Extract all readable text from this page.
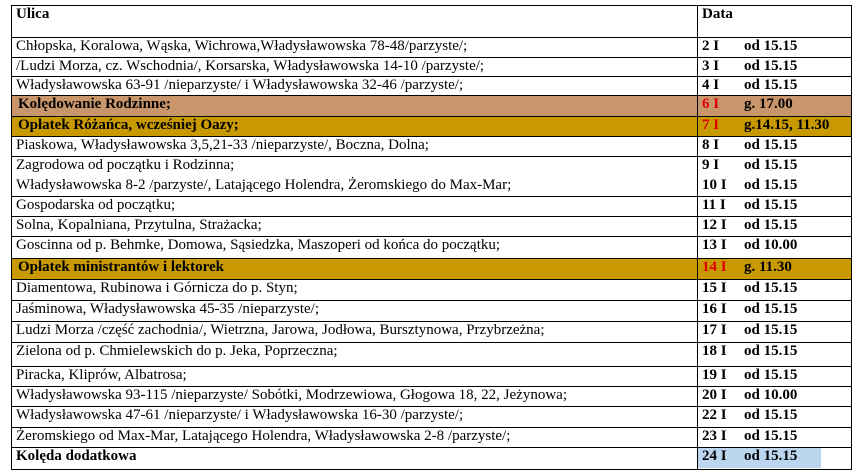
Ulica	Data
Chłopska, Koralowa, Wąska, Wichrowa,Władysławowska 78-48/parzyste/;	2 I od 15.15
/Ludzi Morza, cz. Wschodnia/, Korsarska, Władysławowska 14-10 /parzyste/;	3 I od 15.15
Władysławowska 63-91 /nieparzyste/ i Władysławowska 32-46 /parzyste/;	4 I od 15.15
Kolędowanie Rodzinne;	6 I g. 17.00
Opłatek Różańca, wcześniej Oazy;	7 I g.14.15, 11.30
Piaskowa, Władysławowska 3,5,21-33 /nieparzyste/, Boczna, Dolna;	8 I od 15.15
Zagrodowa od początku i Rodzinna;	9 I od 15.15
Władysławowska 8-2 /parzyste/, Latającego Holendra, Żeromskiego do Max-Mar;	10 I od 15.15
Gospodarska od początku;	11 I od 15.15
Solna, Kopalniana, Przytulna, Strażacka;	12 I od 15.15
Goscinna od p. Behmke, Domowa, Sąsiedzka, Maszoperi od końca do początku;	13 I od 10.00
Opłatek ministrantów i lektorek	14 I g. 11.30
Diamentowa, Rubinowa i Górnicza do p. Styn;	15 I od 15.15
Jaśminowa, Władysławowska 45-35 /nieparzyste/;	16 I od 15.15
Ludzi Morza /część zachodnia/, Wietrzna, Jarowa, Jodłowa, Bursztynowa, Przybrzeżna;	17 I od 15.15
Zielona od p. Chmielewskich do p. Jeka, Poprzeczna;	18 I od 15.15
Piracka, Kliprów, Albatrosa;	19 I od 15.15
Władysławowska 93-115 /nieparzyste/ Sobótki, Modrzewiowa, Głogowa 18, 22, Jeżynowa;	20 I od 10.00
Władysławowska 47-61 /nieparzyste/ i Władysławowska 16-30 /parzyste/;	22 I od 15.15
Żeromskiego od Max-Mar, Latającego Holendra, Władysławowska 2-8 /parzyste/;	23 I od 15.15
Kolęda dodatkowa	24 I od 15.15
